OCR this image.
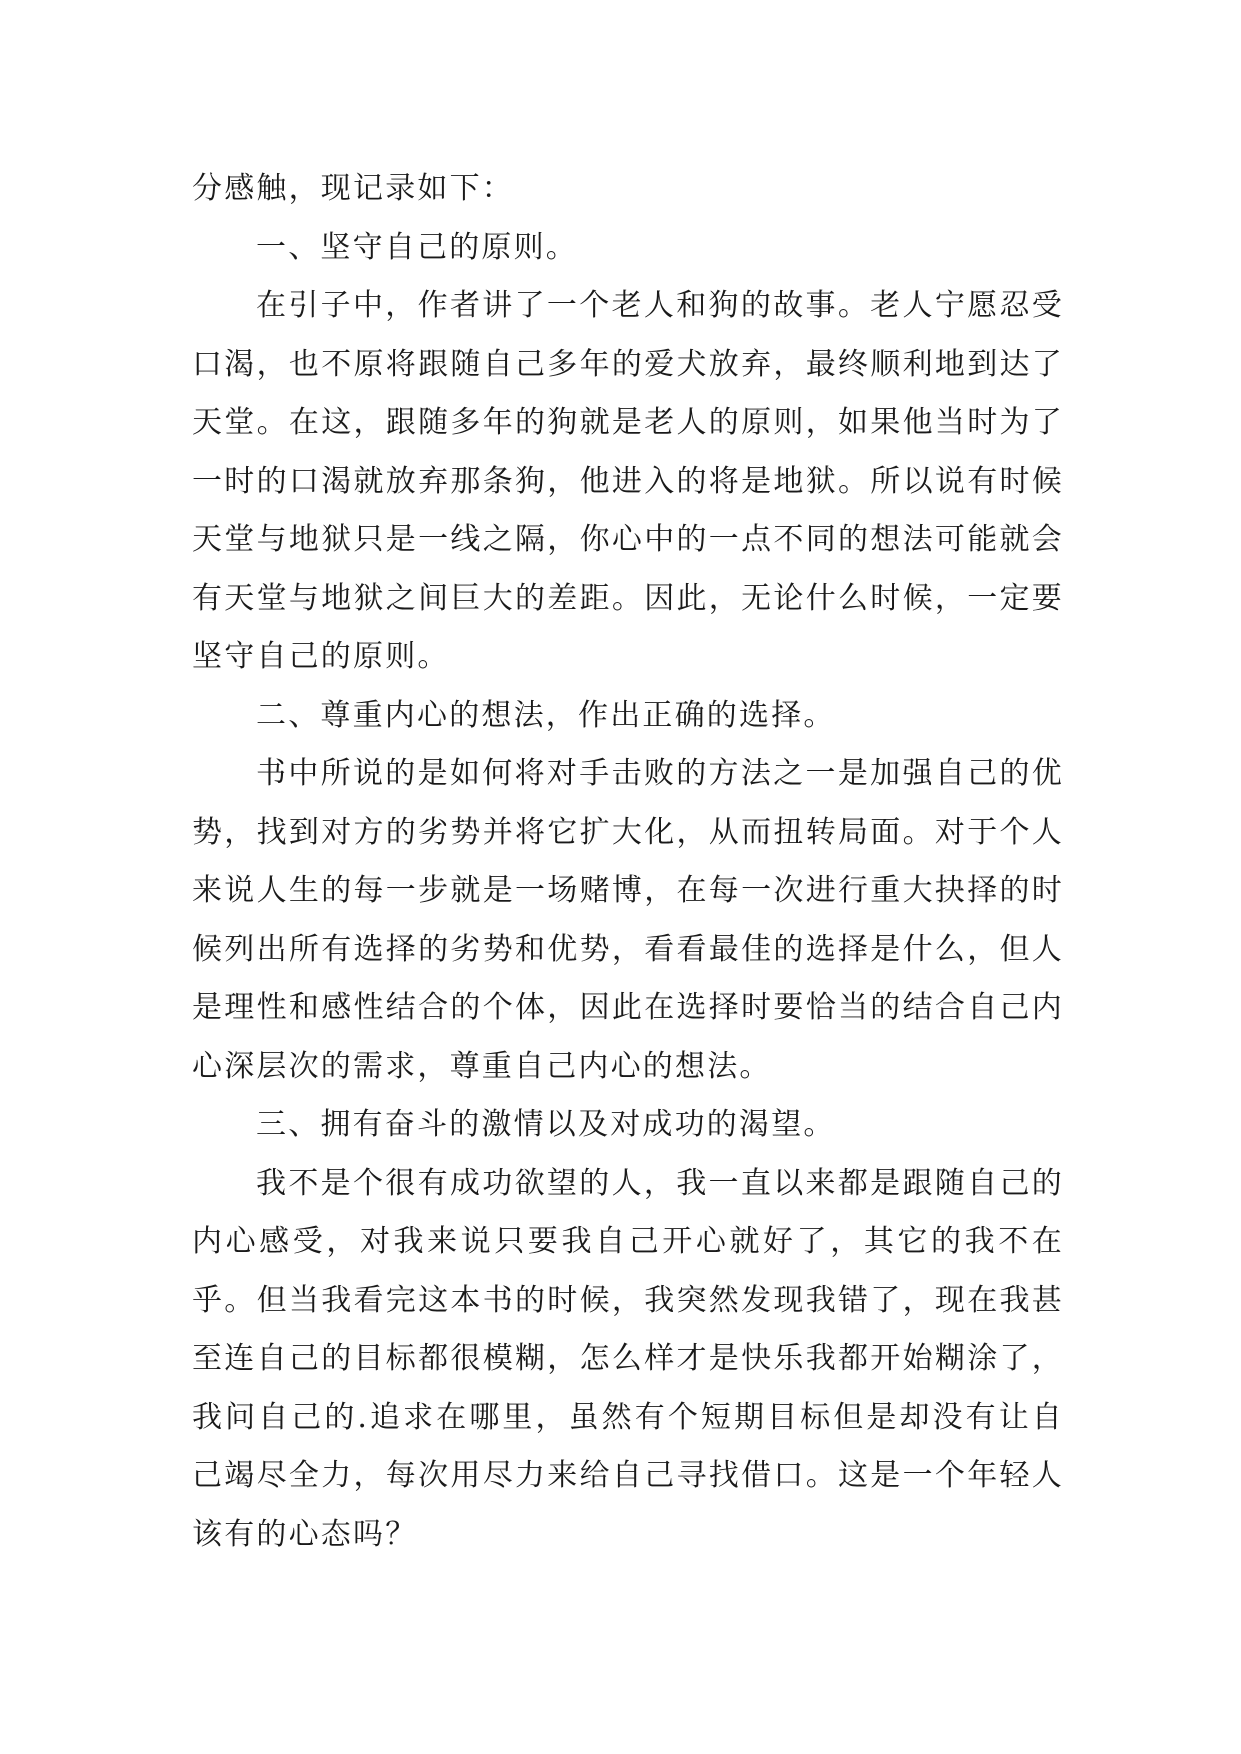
分感触，现记录如下：

一、坚守自己的原则。

在引子中，作者讲了一个老人和狗的故事。老人宁愿忍受口渴，也不原将跟随自己多年的爱犬放弃，最终顺利地到达了天堂。在这，跟随多年的狗就是老人的原则，如果他当时为了一时的口渴就放弃那条狗，他进入的将是地狱。所以说有时候天堂与地狱只是一线之隔，你心中的一点不同的想法可能就会有天堂与地狱之间巨大的差距。因此，无论什么时候，一定要坚守自己的原则。

二、尊重内心的想法，作出正确的选择。

书中所说的是如何将对手击败的方法之一是加强自己的优势，找到对方的劣势并将它扩大化，从而扭转局面。对于个人来说人生的每一步就是一场赌博，在每一次进行重大抉择的时候列出所有选择的劣势和优势，看看最佳的选择是什么，但人是理性和感性结合的个体，因此在选择时要恰当的结合自己内心深层次的需求，尊重自己内心的想法。

三、拥有奋斗的激情以及对成功的渴望。

我不是个很有成功欲望的人，我一直以来都是跟随自己的内心感受，对我来说只要我自己开心就好了，其它的我不在乎。但当我看完这本书的时候，我突然发现我错了，现在我甚至连自己的目标都很模糊，怎么样才是快乐我都开始糊涂了，我问自己的.追求在哪里，虽然有个短期目标但是却没有让自己竭尽全力，每次用尽力来给自己寻找借口。这是一个年轻人该有的心态吗？
